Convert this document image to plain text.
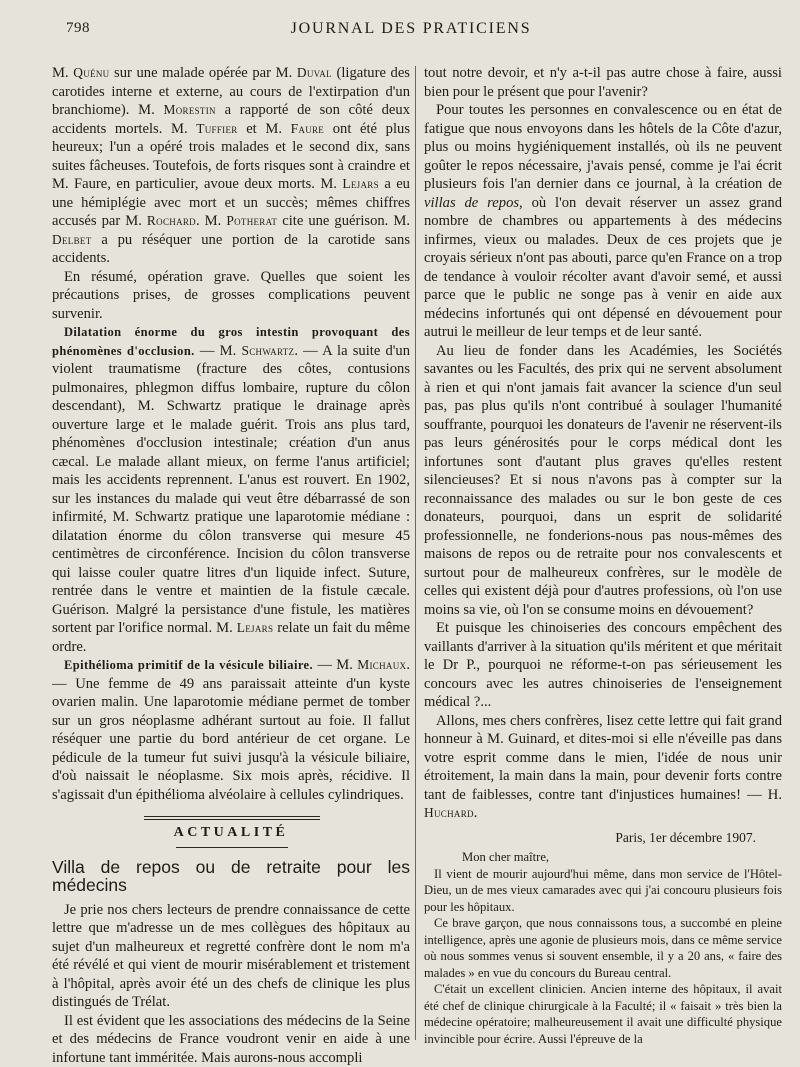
798	JOURNAL DES PRATICIENS

M. Quénu sur une malade opérée par M. Duval (ligature des carotides interne et externe, au cours de l'extirpation d'un branchiome). M. Morestin a rapporté de son côté deux accidents mortels. M. Tuffier et M. Faure ont été plus heureux; l'un a opéré trois malades et le second dix, sans suites fâcheuses. Toutefois, de forts risques sont à craindre et M. Faure, en particulier, avoue deux morts. M. Lejars a eu une hémiplégie avec mort et un succès; mêmes chiffres accusés par M. Rochard. M. Potherat cite une guérison. M. Delbet a pu réséquer une portion de la carotide sans accidents.

En résumé, opération grave. Quelles que soient les précautions prises, de grosses complications peuvent survenir.

Dilatation énorme du gros intestin provoquant des phénomènes d'occlusion. — M. Schwartz. — A la suite d'un violent traumatisme (fracture des côtes, contusions pulmonaires, phlegmon diffus lombaire, rupture du côlon descendant), M. Schwartz pratique le drainage après ouverture large et le malade guérit. Trois ans plus tard, phénomènes d'occlusion intestinale; création d'un anus cæcal. Le malade allant mieux, on ferme l'anus artificiel; mais les accidents reprennent. L'anus est rouvert. En 1902, sur les instances du malade qui veut être débarrassé de son infirmité, M. Schwartz pratique une laparotomie médiane : dilatation énorme du côlon transverse qui mesure 45 centimètres de circonférence. Incision du côlon transverse qui laisse couler quatre litres d'un liquide infect. Suture, rentrée dans le ventre et maintien de la fistule cæcale. Guérison. Malgré la persistance d'une fistule, les matières sortent par l'orifice normal. M. Lejars relate un fait du même ordre.

Epithélioma primitif de la vésicule biliaire. — M. Michaux. — Une femme de 49 ans paraissait atteinte d'un kyste ovarien malin. Une laparotomie médiane permet de tomber sur un gros néoplasme adhérant surtout au foie. Il fallut réséquer une partie du bord antérieur de cet organe. Le pédicule de la tumeur fut suivi jusqu'à la vésicule biliaire, d'où naissait le néoplasme. Six mois après, récidive. Il s'agissait d'un épithélioma alvéolaire à cellules cylindriques.

ACTUALITÉ
Villa de repos ou de retraite pour les médecins

Je prie nos chers lecteurs de prendre connaissance de cette lettre que m'adresse un de mes collègues des hôpitaux au sujet d'un malheureux et regretté confrère dont le nom m'a été révélé et qui vient de mourir misérablement et tristement à l'hôpital, après avoir été un des chefs de clinique les plus distingués de Trélat.

Il est évident que les associations des médecins de la Seine et des médecins de France voudront venir en aide à une infortune tant imméritée. Mais aurons-nous accompli

tout notre devoir, et n'y a-t-il pas autre chose à faire, aussi bien pour le présent que pour l'avenir?

Pour toutes les personnes en convalescence ou en état de fatigue que nous envoyons dans les hôtels de la Côte d'azur, plus ou moins hygiéniquement installés, où ils ne peuvent goûter le repos nécessaire, j'avais pensé, comme je l'ai écrit plusieurs fois l'an dernier dans ce journal, à la création de villas de repos, où l'on devait réserver un assez grand nombre de chambres ou appartements à des médecins infirmes, vieux ou malades. Deux de ces projets que je croyais sérieux n'ont pas abouti, parce qu'en France on a trop de tendance à vouloir récolter avant d'avoir semé, et aussi parce que le public ne songe pas à venir en aide aux médecins infortunés qui ont dépensé en dévouement pour autrui le meilleur de leur temps et de leur santé.

Au lieu de fonder dans les Académies, les Sociétés savantes ou les Facultés, des prix qui ne servent absolument à rien et qui n'ont jamais fait avancer la science d'un seul pas, pas plus qu'ils n'ont contribué à soulager l'humanité souffrante, pourquoi les donateurs de l'avenir ne réservent-ils pas leurs générosités pour le corps médical dont les infortunes sont d'autant plus graves qu'elles restent silencieuses? Et si nous n'avons pas à compter sur la reconnaissance des malades ou sur le bon geste de ces donateurs, pourquoi, dans un esprit de solidarité professionnelle, ne fonderions-nous pas nous-mêmes des maisons de repos ou de retraite pour nos convalescents et surtout pour de malheureux confrères, sur le modèle de celles qui existent déjà pour d'autres professions, où l'on use moins sa vie, où l'on se consume moins en dévouement?

Et puisque les chinoiseries des concours empêchent des vaillants d'arriver à la situation qu'ils méritent et que méritait le Dr P., pourquoi ne réforme-t-on pas sérieusement les concours avec les autres chinoiseries de l'enseignement médical ?...

Allons, mes chers confrères, lisez cette lettre qui fait grand honneur à M. Guinard, et dites-moi si elle n'éveille pas dans votre esprit comme dans le mien, l'idée de nous unir étroitement, la main dans la main, pour devenir forts contre tant de faiblesses, contre tant d'injustices humaines! — H. Huchard.

Paris, 1er décembre 1907.

Mon cher maître,

Il vient de mourir aujourd'hui même, dans mon service de l'Hôtel-Dieu, un de mes vieux camarades avec qui j'ai concouru plusieurs fois pour les hôpitaux.

Ce brave garçon, que nous connaissons tous, a succombé en pleine intelligence, après une agonie de plusieurs mois, dans ce même service où nous sommes venus si souvent ensemble, il y a 20 ans, « faire des malades » en vue du concours du Bureau central.

C'était un excellent clinicien. Ancien interne des hôpitaux, il avait été chef de clinique chirurgicale à la Faculté; il « faisait » très bien la médecine opératoire; malheureusement il avait une difficulté physique invincible pour écrire. Aussi l'épreuve de la
